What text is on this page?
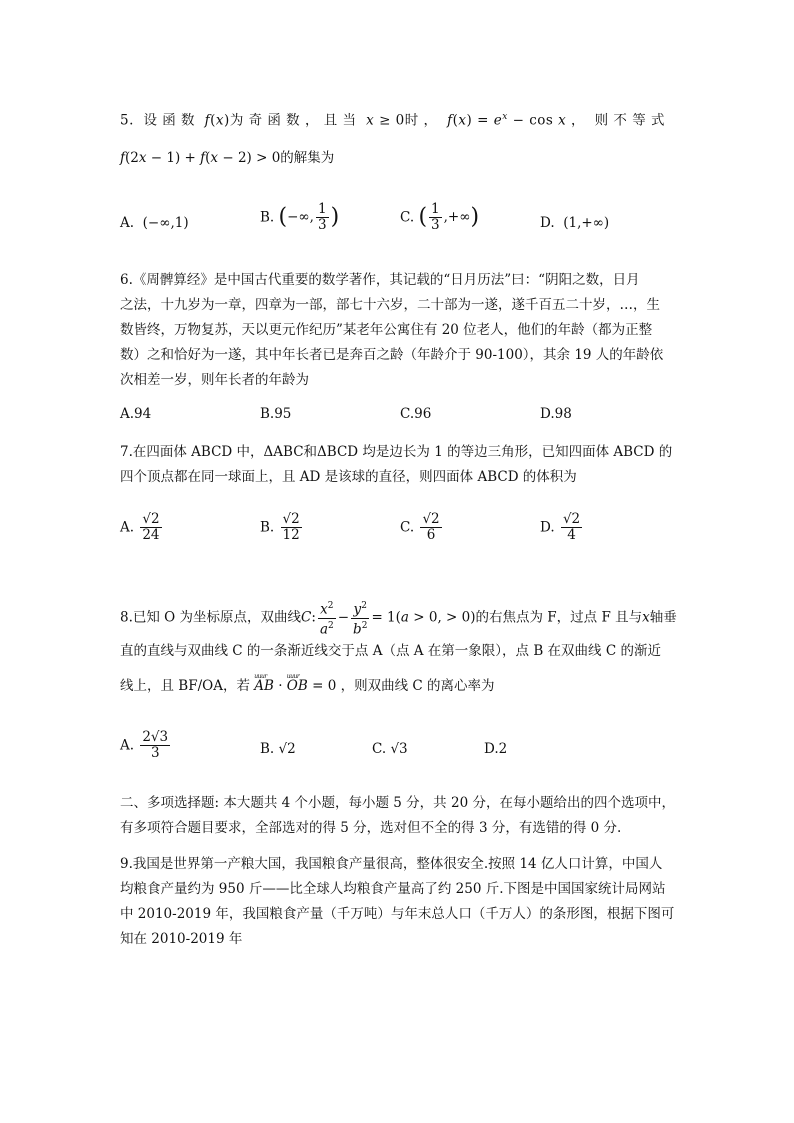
5.  设 函 数  f(x)为 奇 函 数 ， 且 当  x ≥ 0时 ，  $f(x) = e^x - \cos x$ ，  则 不 等 式
f(2x − 1) + f(x − 2) > 0的解集为
A.  (−∞,1)	B. (−∞, $\frac{1}{3}$ )	C. ( $\frac{1}{3}$ ,+∞)	D.  (1,+∞)
6.《周髀算经》是中国古代重要的数学著作，其记载的“日月历法”曰：“阴阳之数，日月
之法，十九岁为一章，四章为一部，部七十六岁，二十部为一遂，遂千百五二十岁，…，生
数皆终，万物复苏，天以更元作纪历”某老年公寓住有 20 位老人，他们的年龄（都为正整
数）之和恰好为一遂，其中年长者已是奔百之龄（年龄介于 90-100），其余 19 人的年龄依
次相差一岁，则年长者的年龄为
A.94	B.95	C.96	D.98
7.在四面体 ABCD 中，ΔABC和ΔBCD 均是边长为 1 的等边三角形，已知四面体 ABCD 的
四个顶点都在同一球面上，且 AD 是该球的直径，则四面体 ABCD 的体积为
A. $\frac{√2}{24}$	B. $\frac{√2}{12}$	C. $\frac{√2}{6}$	D. $\frac{√2}{4}$
8.已知 O 为坐标原点，双曲线C: $\frac{x^2}{a^2} - \frac{y^2}{b^2} = 1(a > 0$, > 0)的右焦点为 F，过点 F 且与x轴垂
直的直线与双曲线 C 的一条渐近线交于点 A（点 A 在第一象限），点 B 在双曲线 C 的渐近
线上，且 BF/OA，若 uuur AB · uuur OB = 0 ，则双曲线 C 的离心率为
A. $\frac{2√3}{3}$	B. √2	C. √3	D.2
二、多项选择题: 本大题共 4 个小题，每小题 5 分，共 20 分，在每小题给出的四个选项中，
有多项符合题目要求，全部选对的得 5 分，选对但不全的得 3 分，有选错的得 0 分.
9.我国是世界第一产粮大国，我国粮食产量很高，整体很安全.按照 14 亿人口计算，中国人
均粮食产量约为 950 斤——比全球人均粮食产量高了约 250 斤.下图是中国国家统计局网站
中 2010-2019 年，我国粮食产量（千万吨）与年末总人口（千万人）的条形图，根据下图可
知在 2010-2019 年
